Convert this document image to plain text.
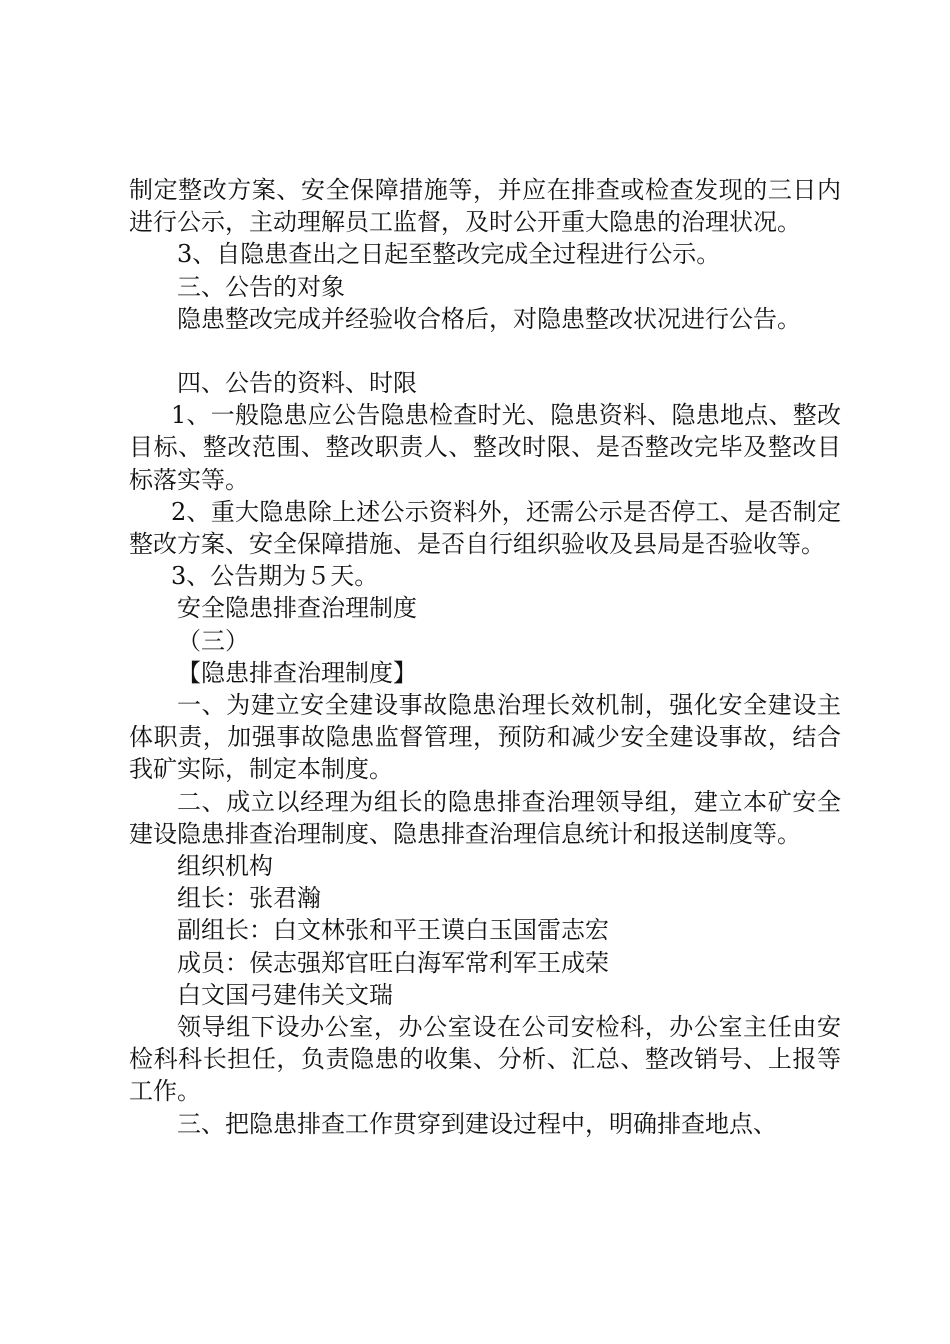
制定整改方案、安全保障措施等，并应在排查或检查发现的三日内进行公示，主动理解员工监督，及时公开重大隐患的治理状况。

3、自隐患查出之日起至整改完成全过程进行公示。

三、公告的对象

隐患整改完成并经验收合格后，对隐患整改状况进行公告。

四、公告的资料、时限

1、一般隐患应公告隐患检查时光、隐患资料、隐患地点、整改目标、整改范围、整改职责人、整改时限、是否整改完毕及整改目标落实等。

2、重大隐患除上述公示资料外，还需公示是否停工、是否制定整改方案、安全保障措施、是否自行组织验收及县局是否验收等。

3、公告期为５天。

安全隐患排查治理制度

（三）

【隐患排查治理制度】

一、为建立安全建设事故隐患治理长效机制，强化安全建设主体职责，加强事故隐患监督管理，预防和减少安全建设事故，结合我矿实际，制定本制度。

二、成立以经理为组长的隐患排查治理领导组，建立本矿安全建设隐患排查治理制度、隐患排查治理信息统计和报送制度等。

组织机构

组长：张君瀚

副组长：白文林张和平王谟白玉国雷志宏

成员：侯志强郑官旺白海军常利军王成荣

白文国弓建伟关文瑞

领导组下设办公室，办公室设在公司安检科，办公室主任由安检科科长担任，负责隐患的收集、分析、汇总、整改销号、上报等工作。

三、把隐患排查工作贯穿到建设过程中，明确排查地点、
